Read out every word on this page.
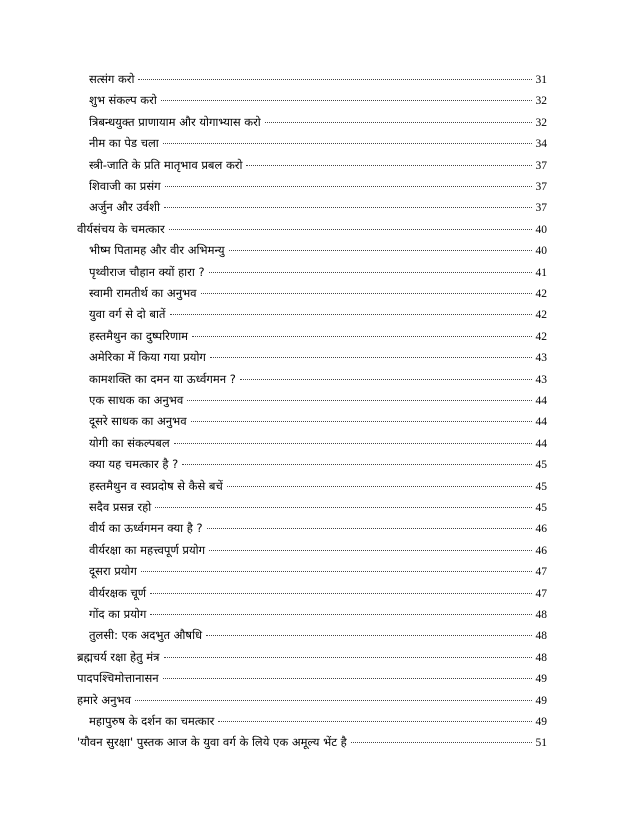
सत्संग करो	31
शुभ संकल्प करो	32
त्रिबन्धयुक्त प्राणायाम और योगाभ्यास करो	32
नीम का पेड चला	34
स्त्री-जाति के प्रति मातृभाव प्रबल करो	37
शिवाजी का प्रसंग	37
अर्जुन और उर्वशी	37
वीर्यसंचय के चमत्कार	40
भीष्म पितामह और वीर अभिमन्यु	40
पृथ्वीराज चौहान क्यों हारा ?	41
स्वामी रामतीर्थ का अनुभव	42
युवा वर्ग से दो बातें	42
हस्तमैथुन का दुष्परिणाम	42
अमेरिका में किया गया प्रयोग	43
कामशक्ति का दमन या ऊर्ध्वगमन ?	43
एक साधक का अनुभव	44
दूसरे साधक का अनुभव	44
योगी का संकल्पबल	44
क्या यह चमत्कार है ?	45
हस्तमैथुन व स्वप्नदोष से कैसे बचें	45
सदैव प्रसन्न रहो	45
वीर्य का ऊर्ध्वगमन क्या है ?	46
वीर्यरक्षा का महत्त्वपूर्ण प्रयोग	46
दूसरा प्रयोग	47
वीर्यरक्षक चूर्ण	47
गोंद का प्रयोग	48
तुलसी: एक अदभुत औषधि	48
ब्रह्मचर्य रक्षा हेतु मंत्र	48
पादपश्चिमोत्तानासन	49
हमारे अनुभव	49
महापुरुष के दर्शन का चमत्कार	49
'यौवन सुरक्षा' पुस्तक आज के युवा वर्ग के लिये एक अमूल्य भेंट है	51
